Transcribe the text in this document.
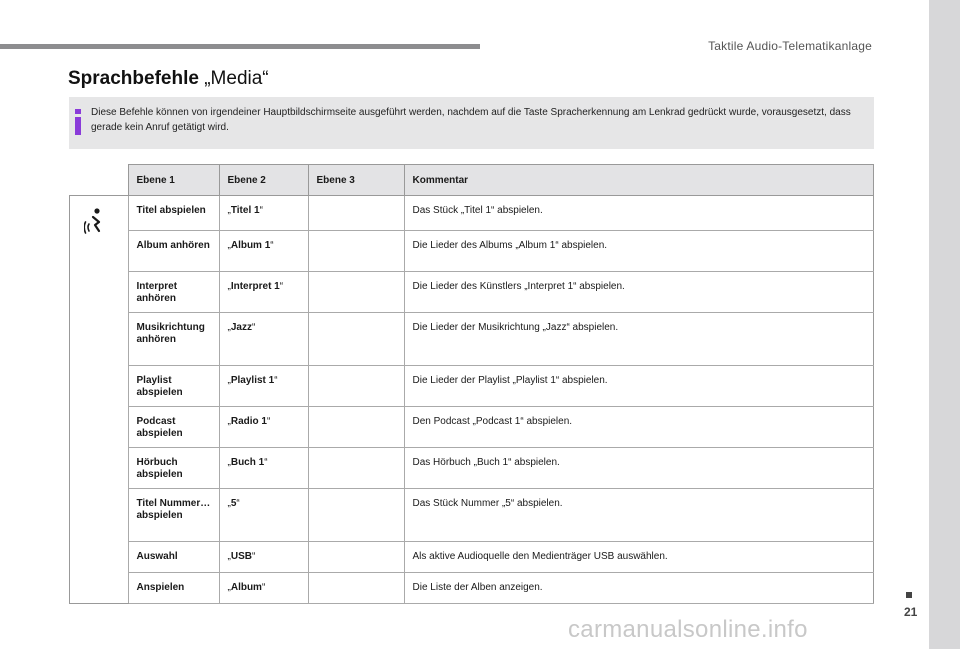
Taktile Audio-Telematikanlage
Sprachbefehle „Media“
Diese Befehle können von irgendeiner Hauptbildschirmseite ausgeführt werden, nachdem auf die Taste Spracherkennung am Lenkrad gedrückt wurde, vorausgesetzt, dass gerade kein Anruf getätigt wird.
	Ebene 1	Ebene 2	Ebene 3	Kommentar

	Titel abspielen	„Titel 1“		Das Stück „Titel 1“ abspielen.
	Album anhören	„Album 1“		Die Lieder des Albums „Album 1“ abspielen.
	Interpret anhören	„Interpret 1“		Die Lieder des Künstlers „Interpret 1“ abspielen.
	Musikrichtung anhören	„Jazz“		Die Lieder der Musikrichtung „Jazz“ abspielen.
	Playlist abspielen	„Playlist 1“		Die Lieder der Playlist „Playlist 1“ abspielen.
	Podcast abspielen	„Radio 1“		Den Podcast „Podcast 1“ abspielen.
	Hörbuch abspielen	„Buch 1“		Das Hörbuch „Buch 1“ abspielen.
	Titel Nummer… abspielen	„5“		Das Stück Nummer „5“ abspielen.
	Auswahl	„USB“		Als aktive Audioquelle den Medienträger USB auswählen.
	Anspielen	„Album“		Die Liste der Alben anzeigen.
21
carmanualsonline.info
